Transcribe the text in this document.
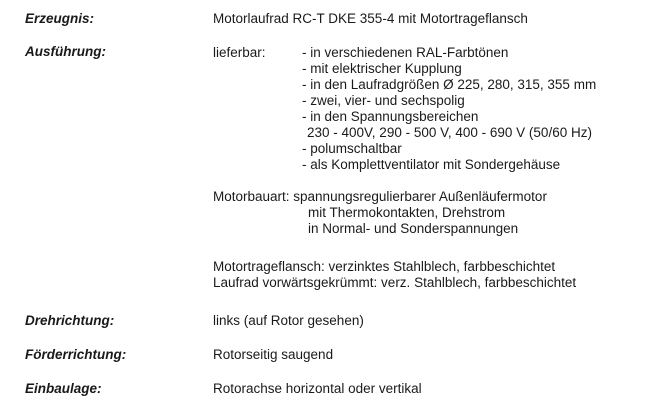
Erzeugnis:	Motorlaufrad RC-T DKE 355-4 mit Motortrageflansch
Ausführung:	lieferbar:	- in verschiedenen RAL-Farbtönen
- mit elektrischer Kupplung
- in den Laufradgrößen Ø 225, 280, 315, 355 mm
- zwei, vier- und sechspolig
- in den Spannungsbereichen
230 - 400V, 290 - 500 V, 400 - 690 V (50/60 Hz)
- polumschaltbar
- als Komplettventilator mit Sondergehäuse
Motorbauart: spannungsregulierbarer Außenläufermotor
mit Thermokontakten, Drehstrom
in Normal- und Sonderspannungen
Motortrageflansch: verzinktes Stahlblech, farbbeschichtet
Laufrad vorwärtsgekrümmt: verz. Stahlblech, farbbeschichtet
Drehrichtung:	links (auf Rotor gesehen)
Förderrichtung:	Rotorseitig saugend
Einbaulage:	Rotorachse horizontal oder vertikal
